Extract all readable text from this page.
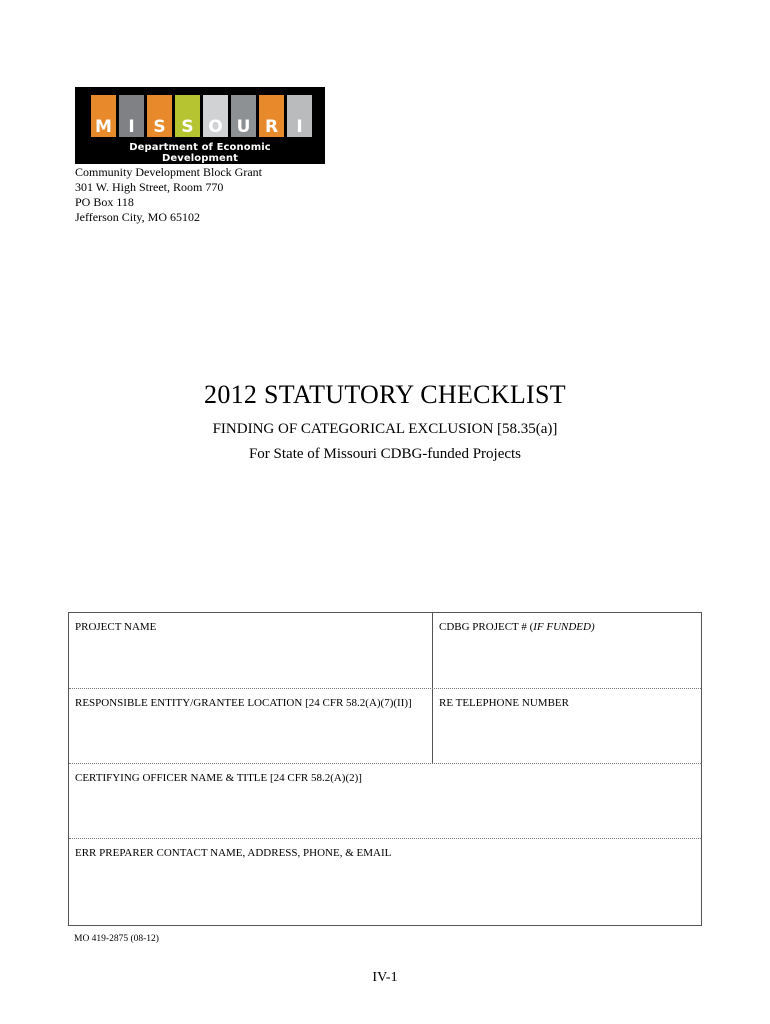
M I	S S O U R	I
Department of Economic Development
Community Development Block Grant
301 W. High Street, Room 770
PO Box 118
Jefferson City, MO 65102
2012 STATUTORY CHECKLIST
FINDING OF CATEGORICAL EXCLUSION [58.35(a)]
For State of Missouri CDBG-funded Projects
PROJECT NAME	CDBG PROJECT # (IF FUNDED)
RESPONSIBLE ENTITY/GRANTEE LOCATION [24 CFR 58.2(A)(7)(II)]	RE TELEPHONE NUMBER
CERTIFYING OFFICER NAME & TITLE [24 CFR 58.2(A)(2)]
ERR PREPARER CONTACT NAME, ADDRESS, PHONE, & EMAIL
MO 419-2875 (08-12)
IV-1
